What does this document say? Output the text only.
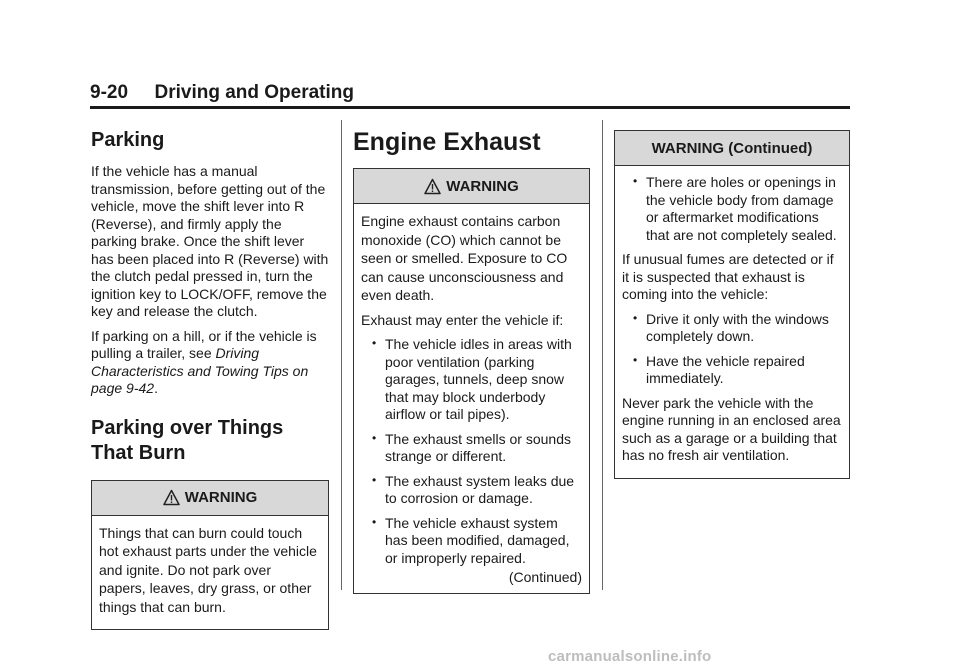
9-20 Driving and Operating
Parking

If the vehicle has a manual transmission, before getting out of the vehicle, move the shift lever into R (Reverse), and firmly apply the parking brake. Once the shift lever has been placed into R (Reverse) with the clutch pedal pressed in, turn the ignition key to LOCK/OFF, remove the key and release the clutch.

If parking on a hill, or if the vehicle is pulling a trailer, see Driving Characteristics and Towing Tips on page 9-42.

Parking over Things
That Burn
WARNING

Things that can burn could touch hot exhaust parts under the vehicle and ignite. Do not park over papers, leaves, dry grass, or other things that can burn.

Engine Exhaust
WARNING

Engine exhaust contains carbon monoxide (CO) which cannot be seen or smelled. Exposure to CO can cause unconsciousness and even death.

Exhaust may enter the vehicle if:

• The vehicle idles in areas with poor ventilation (parking garages, tunnels, deep snow that may block underbody airflow or tail pipes).
• The exhaust smells or sounds strange or different.
• The exhaust system leaks due to corrosion or damage.
• The vehicle exhaust system has been modified, damaged, or improperly repaired.

(Continued)

WARNING (Continued)
• There are holes or openings in the vehicle body from damage or aftermarket modifications that are not completely sealed.

If unusual fumes are detected or if it is suspected that exhaust is coming into the vehicle:

• Drive it only with the windows completely down.
• Have the vehicle repaired immediately.

Never park the vehicle with the engine running in an enclosed area such as a garage or a building that has no fresh air ventilation.

carmanualsonline.info
